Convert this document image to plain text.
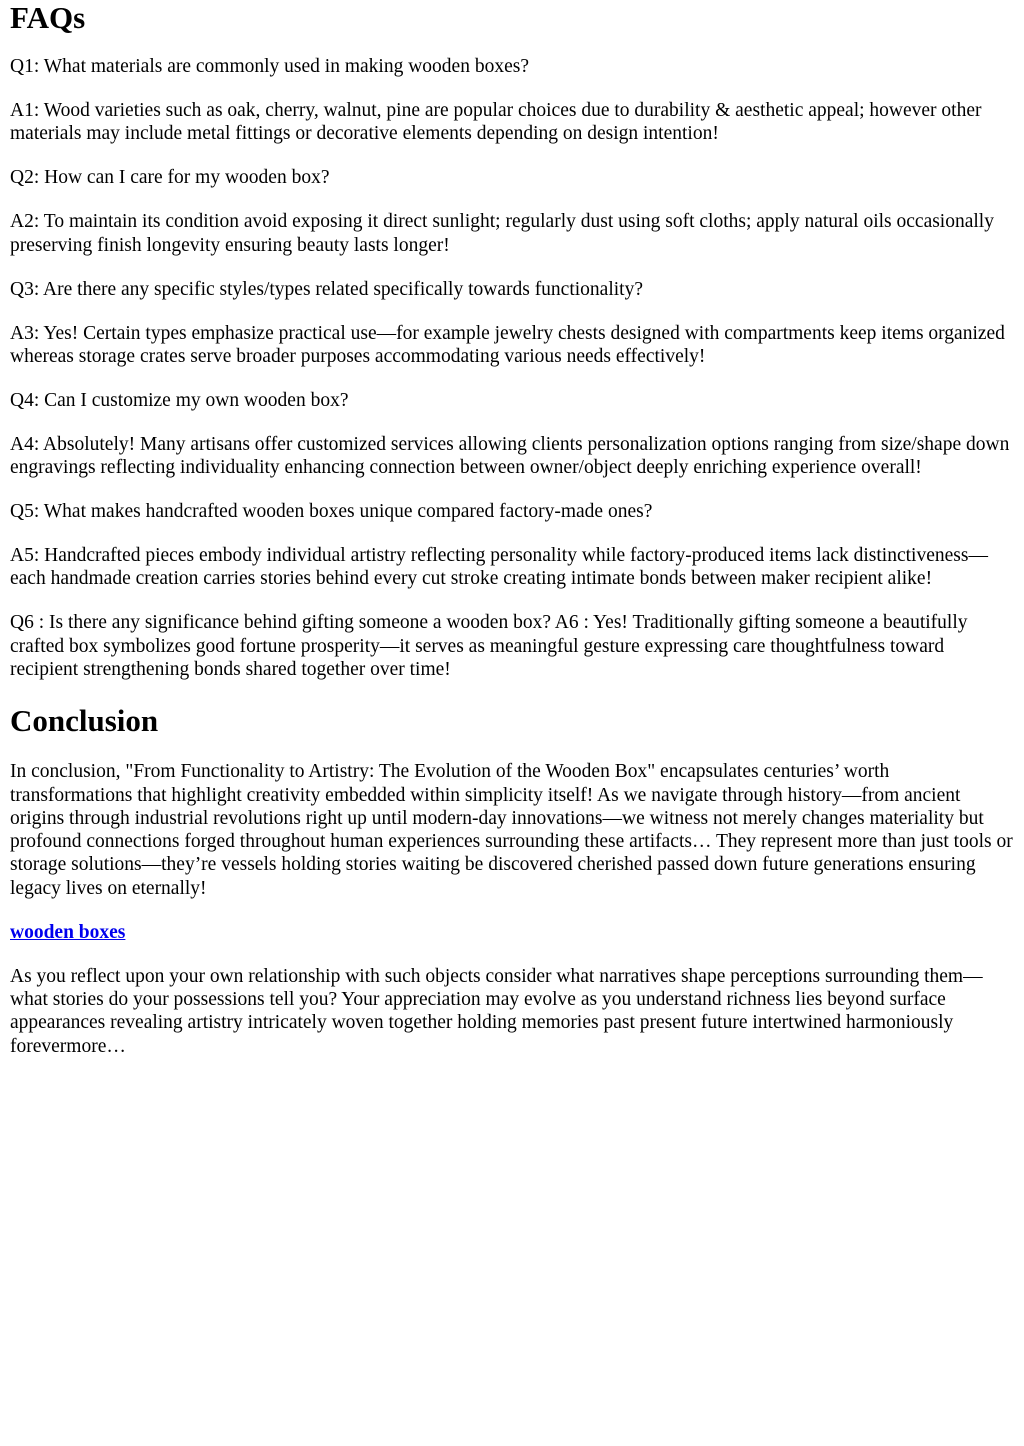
FAQs

Q1: What materials are commonly used in making wooden boxes?

A1: Wood varieties such as oak, cherry, walnut, pine are popular choices due to durability & aesthetic appeal; however other materials may include metal fittings or decorative elements depending on design intention!

Q2: How can I care for my wooden box?

A2: To maintain its condition avoid exposing it direct sunlight; regularly dust using soft cloths; apply natural oils occasionally preserving finish longevity ensuring beauty lasts longer!

Q3: Are there any specific styles/types related specifically towards functionality?

A3: Yes! Certain types emphasize practical use—for example jewelry chests designed with compartments keep items organized whereas storage crates serve broader purposes accommodating various needs effectively!

Q4: Can I customize my own wooden box?

A4: Absolutely! Many artisans offer customized services allowing clients personalization options ranging from size/shape down engravings reflecting individuality enhancing connection between owner/object deeply enriching experience overall!

Q5: What makes handcrafted wooden boxes unique compared factory-made ones?

A5: Handcrafted pieces embody individual artistry reflecting personality while factory-produced items lack distinctiveness—each handmade creation carries stories behind every cut stroke creating intimate bonds between maker recipient alike!

Q6 : Is there any significance behind gifting someone a wooden box? A6 : Yes! Traditionally gifting someone a beautifully crafted box symbolizes good fortune prosperity—it serves as meaningful gesture expressing care thoughtfulness toward recipient strengthening bonds shared together over time!

Conclusion

In conclusion, "From Functionality to Artistry: The Evolution of the Wooden Box" encapsulates centuries’ worth transformations that highlight creativity embedded within simplicity itself! As we navigate through history—from ancient origins through industrial revolutions right up until modern-day innovations—we witness not merely changes materiality but profound connections forged throughout human experiences surrounding these artifacts… They represent more than just tools or storage solutions—they’re vessels holding stories waiting be discovered cherished passed down future generations ensuring legacy lives on eternally!

wooden boxes

As you reflect upon your own relationship with such objects consider what narratives shape perceptions surrounding them—what stories do your possessions tell you? Your appreciation may evolve as you understand richness lies beyond surface appearances revealing artistry intricately woven together holding memories past present future intertwined harmoniously forevermore…
